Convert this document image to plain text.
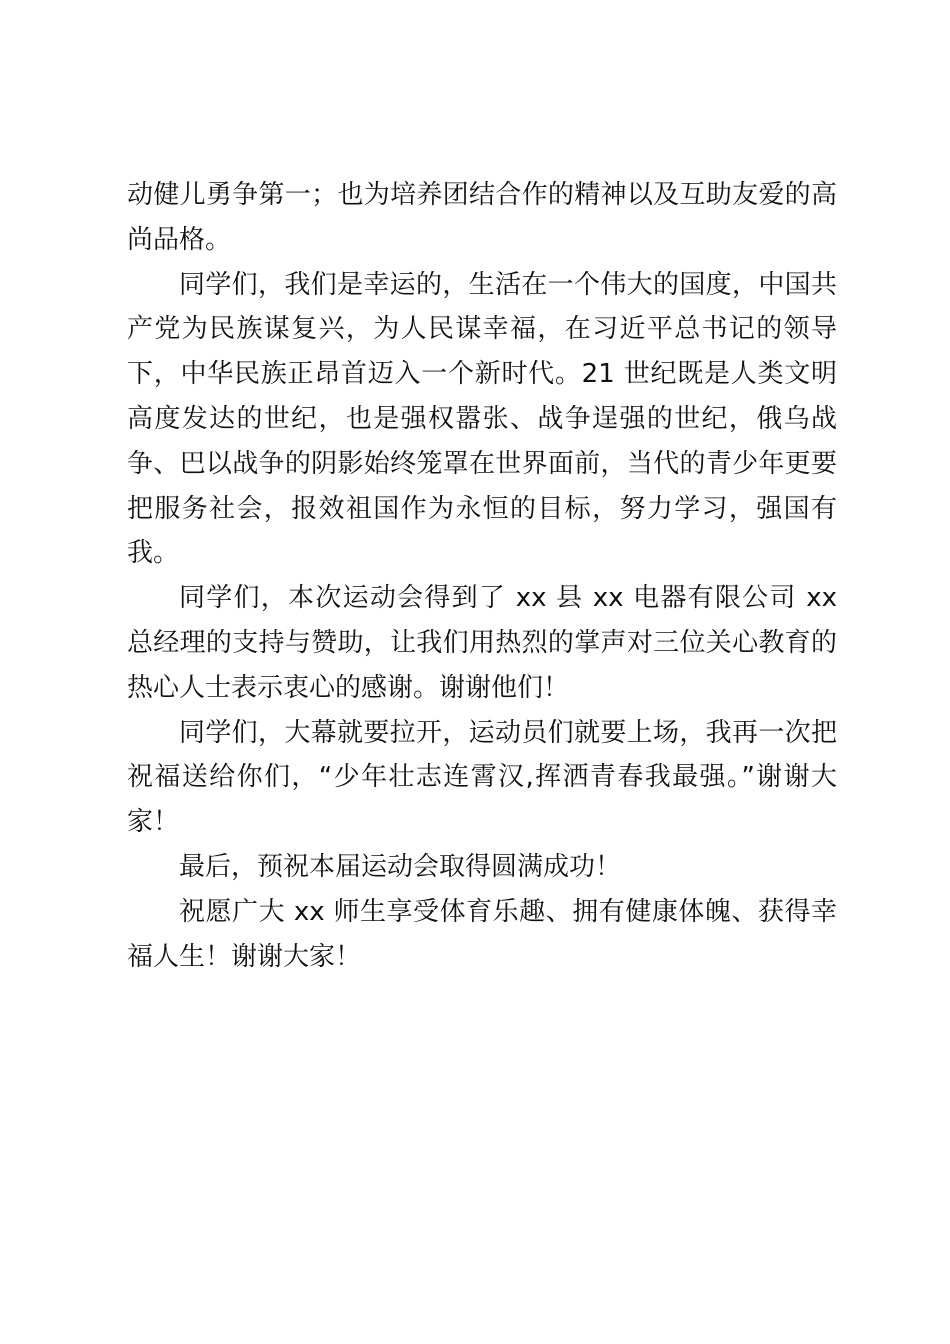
动健儿勇争第一；也为培养团结合作的精神以及互助友爱的高尚品格。

同学们，我们是幸运的，生活在一个伟大的国度，中国共产党为民族谋复兴，为人民谋幸福，在习近平总书记的领导下，中华民族正昂首迈入一个新时代。21 世纪既是人类文明高度发达的世纪，也是强权嚣张、战争逞强的世纪，俄乌战争、巴以战争的阴影始终笼罩在世界面前，当代的青少年更要把服务社会，报效祖国作为永恒的目标，努力学习，强国有我。

同学们，本次运动会得到了 xx 县 xx 电器有限公司 xx 总经理的支持与赞助，让我们用热烈的掌声对三位关心教育的热心人士表示衷心的感谢。谢谢他们！

同学们，大幕就要拉开，运动员们就要上场，我再一次把祝福送给你们，“少年壮志连霄汉,挥洒青春我最强。”谢谢大家！

最后，预祝本届运动会取得圆满成功！

祝愿广大 xx 师生享受体育乐趣、拥有健康体魄、获得幸福人生！谢谢大家！
